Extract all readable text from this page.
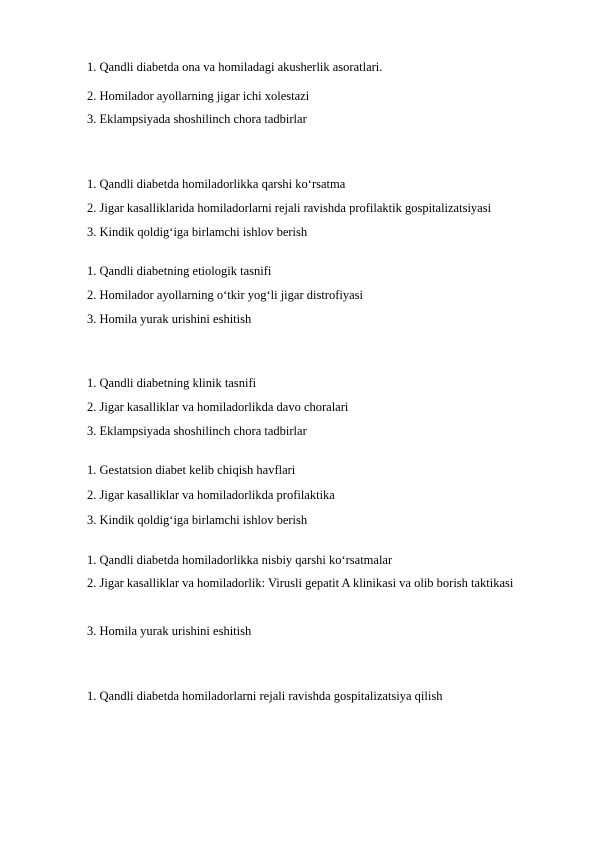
1. Qandli diabetda ona va homiladagi akusherlik asoratlari.
2. Homilador ayollarning jigar ichi xolestazi
3. Eklampsiyada shoshilinch chora tadbirlar
1. Qandli diabetda homiladorlikka qarshi ko‘rsatma
2. Jigar kasalliklarida homiladorlarni rejali ravishda profilaktik gospitalizatsiyasi
3. Kindik qoldig‘iga birlamchi ishlov berish
1. Qandli diabetning etiologik tasnifi
2. Homilador ayollarning o‘tkir yog‘li jigar distrofiyasi
3. Homila yurak urishini eshitish
1. Qandli diabetning klinik tasnifi
2. Jigar kasalliklar va homiladorlikda davo choralari
3. Eklampsiyada shoshilinch chora tadbirlar
1. Gestatsion diabet kelib chiqish havflari
2. Jigar kasalliklar va homiladorlikda profilaktika
3. Kindik qoldig‘iga birlamchi ishlov berish
1. Qandli diabetda homiladorlikka nisbiy qarshi ko‘rsatmalar
2. Jigar kasalliklar va homiladorlik: Virusli gepatit A klinikasi va olib borish taktikasi
3. Homila yurak urishini eshitish
1. Qandli diabetda homiladorlarni rejali ravishda gospitalizatsiya qilish
